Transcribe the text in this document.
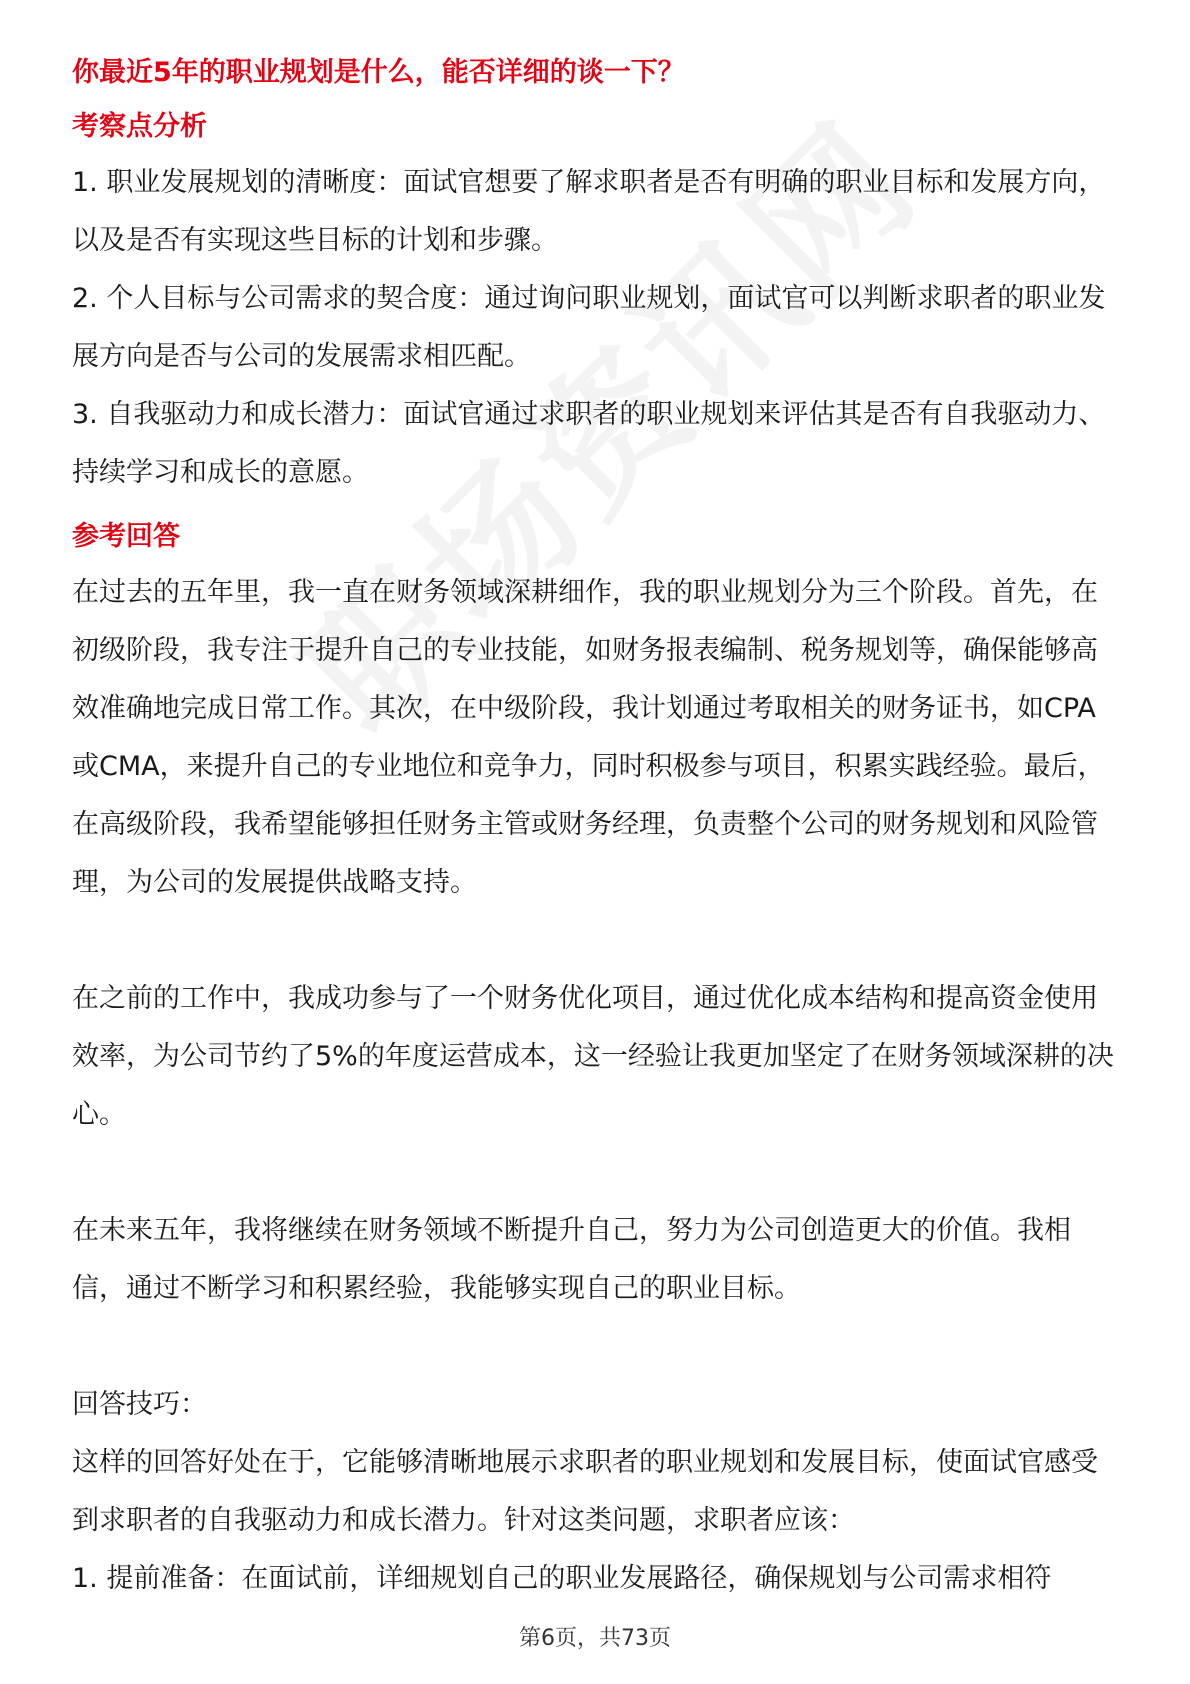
你最近5年的职业规划是什么，能否详细的谈一下？

考察点分析

1. 职业发展规划的清晰度：面试官想要了解求职者是否有明确的职业目标和发展方向，以及是否有实现这些目标的计划和步骤。

2. 个人目标与公司需求的契合度：通过询问职业规划，面试官可以判断求职者的职业发展方向是否与公司的发展需求相匹配。

3. 自我驱动力和成长潜力：面试官通过求职者的职业规划来评估其是否有自我驱动力、持续学习和成长的意愿。

参考回答

在过去的五年里，我一直在财务领域深耕细作，我的职业规划分为三个阶段。首先，在初级阶段，我专注于提升自己的专业技能，如财务报表编制、税务规划等，确保能够高效准确地完成日常工作。其次，在中级阶段，我计划通过考取相关的财务证书，如CPA或CMA，来提升自己的专业地位和竞争力，同时积极参与项目，积累实践经验。最后，在高级阶段，我希望能够担任财务主管或财务经理，负责整个公司的财务规划和风险管理，为公司的发展提供战略支持。

在之前的工作中，我成功参与了一个财务优化项目，通过优化成本结构和提高资金使用效率，为公司节约了5%的年度运营成本，这一经验让我更加坚定了在财务领域深耕的决心。

在未来五年，我将继续在财务领域不断提升自己，努力为公司创造更大的价值。我相信，通过不断学习和积累经验，我能够实现自己的职业目标。

回答技巧：

这样的回答好处在于，它能够清晰地展示求职者的职业规划和发展目标，使面试官感受到求职者的自我驱动力和成长潜力。针对这类问题，求职者应该：

1. 提前准备：在面试前，详细规划自己的职业发展路径，确保规划与公司需求相符

第6页，共73页
